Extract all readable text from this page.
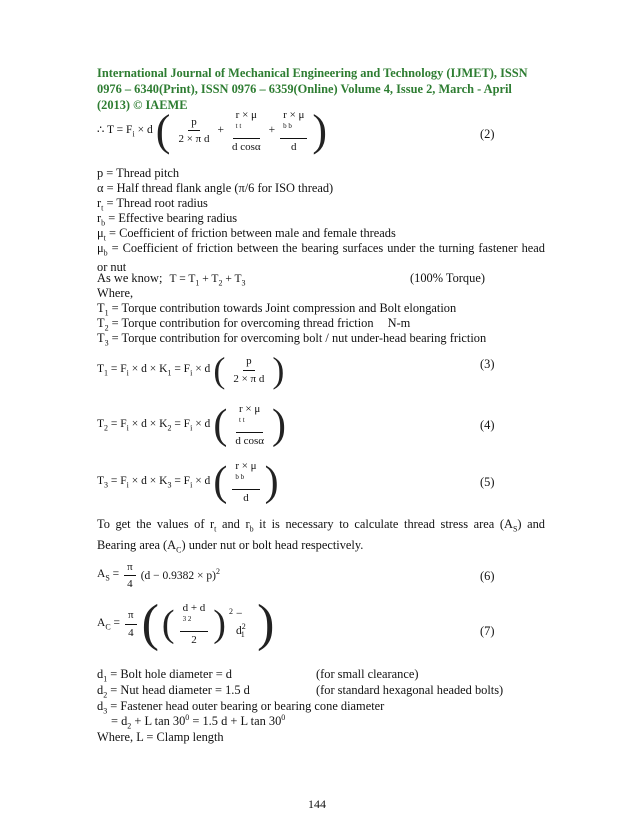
International Journal of Mechanical Engineering and Technology (IJMET), ISSN 0976 – 6340(Print), ISSN 0976 – 6359(Online) Volume 4, Issue 2, March - April (2013) © IAEME
∴ $T = F_i \times d$ ( $\frac{p}{\text{2 × π d}}$ +
r × μ
$^{t t}$
d cosα
+
r × μ
$^{b b}$
d )	(2)
p = Thread pitch
α = Half thread flank angle (π/6 for ISO thread)
$r_t$ = Thread root radius
$r_b$ = Effective bearing radius
$\mu_t$ = Coefficient of friction between male and female threads
$\mu_b$ = Coefficient of friction between the bearing surfaces under the turning fastener head or nut
As we know; $T = T_1 + T_2 + T_3$	(100% Torque)
Where,
$T_1$ = Torque contribution towards Joint compression and Bolt elongation
$T_2$ = Torque contribution for overcoming thread friction N-m
$T_3$ = Torque contribution for overcoming bolt / nut under-head bearing friction
$T_1 = F_i \times d \times K_1 = F_i \times d$ ( $\frac{p}{\text{2 × π d}}$ )	(3)
$T_2 = F_i \times d \times K_2 = F_i \times d$ ( r × μ
$^{t t}$
d cosα )	(4)
$T_3 = F_i \times d \times K_3 = F_i \times d$ ( r × μ
$^{b b}$
d )	(5)
To get the values of $r_t$ and $r_b$ it is necessary to calculate thread stress area $(A_S)$ and Bearing area $(A_C)$ under nut or bolt head respectively.
$A_S = \frac{\pi}{4} (d - 0.9382 \times p)^2$	(6)
$A_C = \frac{\pi}{4}$ ( ( d + d
$^{3 2}$
2 ) $^2 - d^2_1$ )	(7)
$d_1$ = Bolt hole diameter = d	(for small clearance)
$d_2$ = Nut head diameter = 1.5 d	(for standard hexagonal headed bolts)
$d_3$ = Fastener head outer bearing or bearing cone diameter
= $d_2 + L$ $\tan 30^0 = 1.5$ d + L $\tan 30^0$
Where, L = Clamp length
144
